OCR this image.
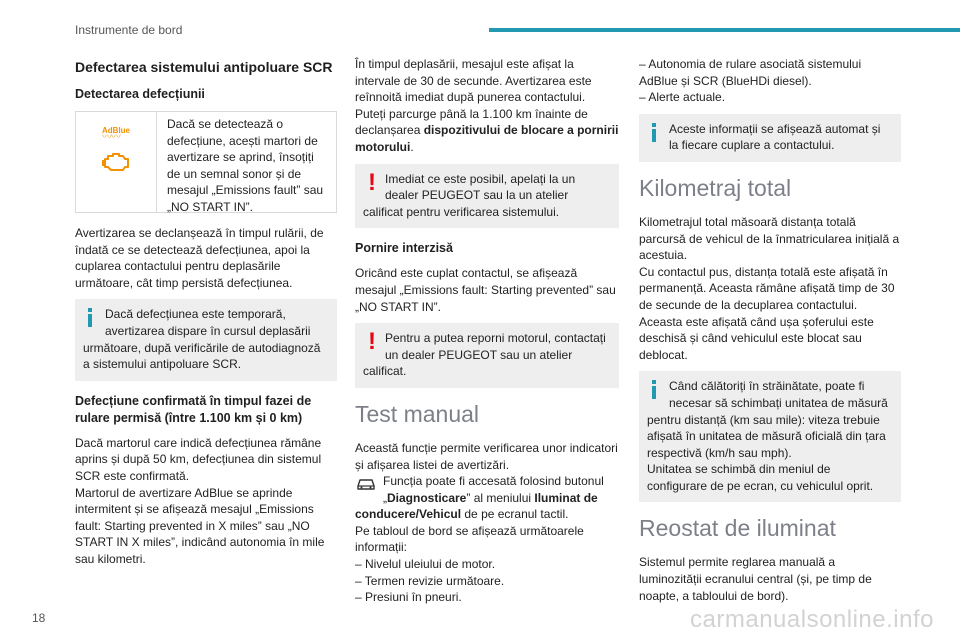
Instrumente de bord
Defectarea sistemului antipoluare SCR
Detectarea defecțiunii
AdBlue
〰〰
Dacă se detectează o defecțiune, acești martori de avertizare se aprind, însoțiți de un semnal sonor și de mesajul „Emissions fault” sau „NO START IN”.

Avertizarea se declanșează în timpul rulării, de îndată ce se detectează defecțiunea, apoi la cuplarea contactului pentru deplasările următoare, cât timp persistă defecțiunea.

Dacă defecțiunea este temporară, avertizarea dispare în cursul deplasării următoare, după verificările de autodiagnoză a sistemului antipoluare SCR.
Defecțiune confirmată în timpul fazei de rulare permisă (între 1.100 km și 0 km)

Dacă martorul care indică defecțiunea rămâne aprins și după 50 km, defecțiunea din sistemul SCR este confirmată.

Martorul de avertizare AdBlue se aprinde intermitent și se afișează mesajul „Emissions fault: Starting prevented in X miles” sau „NO START IN X miles”, indicând autonomia în mile sau kilometri.

În timpul deplasării, mesajul este afișat la intervale de 30 de secunde. Avertizarea este reînnoită imediat după punerea contactului. Puteți parcurge până la 1.100 km înainte de declanșarea dispozitivului de blocare a pornirii motorului.

! Imediat ce este posibil, apelați la un dealer PEUGEOT sau la un atelier calificat pentru verificarea sistemului.
Pornire interzisă

Oricând este cuplat contactul, se afișează mesajul „Emissions fault: Starting prevented” sau „NO START IN”.

! Pentru a putea reporni motorul, contactați un dealer PEUGEOT sau un atelier calificat.
Test manual

Această funcție permite verificarea unor indicatori și afișarea listei de avertizări.

Funcția poate fi accesată folosind butonul „Diagnosticare” al meniului Iluminat de conducere/Vehicul de pe ecranul tactil.

Pe tabloul de bord se afișează următoarele informații:

– Nivelul uleiului de motor.
– Termen revizie următoare.
– Presiuni în pneuri.
– Autonomia de rulare asociată sistemului AdBlue și SCR (BlueHDi diesel).
– Alerte actuale.
Aceste informații se afișează automat și la fiecare cuplare a contactului.
Kilometraj total

Kilometrajul total măsoară distanța totală parcursă de vehicul de la înmatricularea inițială a acestuia.

Cu contactul pus, distanța totală este afișată în permanență. Aceasta rămâne afișată timp de 30 de secunde de la decuplarea contactului. Aceasta este afișată când ușa șoferului este deschisă și când vehiculul este blocat sau deblocat.

Când călătoriți în străinătate, poate fi necesar să schimbați unitatea de măsură pentru distanță (km sau mile): viteza trebuie afișată în unitatea de măsură oficială din țara respectivă (km/h sau mph).
Unitatea se schimbă din meniul de configurare de pe ecran, cu vehiculul oprit.
Reostat de iluminat

Sistemul permite reglarea manuală a luminozității ecranului central (și, pe timp de noapte, a tabloului de bord).

18	carmanualsonline.info
